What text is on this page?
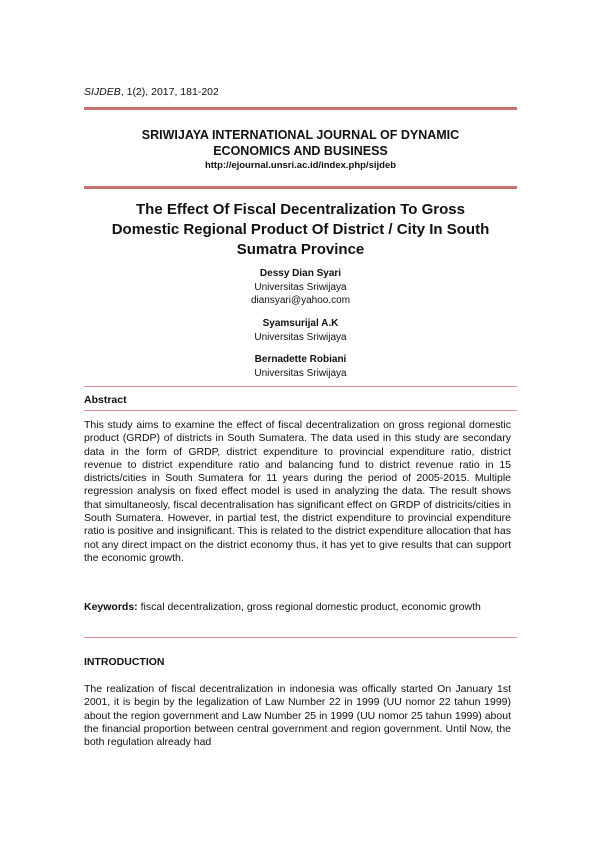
SIJDEB, 1(2), 2017, 181-202
SRIWIJAYA INTERNATIONAL JOURNAL OF DYNAMIC
ECONOMICS AND BUSINESS
http://ejournal.unsri.ac.id/index.php/sijdeb
The Effect Of Fiscal Decentralization To Gross
Domestic Regional Product Of District / City In South
Sumatra Province
Dessy Dian Syari
Universitas Sriwijaya
diansyari@yahoo.com
Syamsurijal A.K
Universitas Sriwijaya
Bernadette Robiani
Universitas Sriwijaya
Abstract
This study aims to examine the effect of fiscal decentralization on gross regional domestic product (GRDP) of districts in South Sumatera. The data used in this study are secondary data in the form of GRDP, district expenditure to provincial expenditure ratio, district revenue to district expenditure ratio and balancing fund to district revenue ratio in 15 districts/cities in South Sumatera for 11 years during the period of 2005-2015. Multiple regression analysis on fixed effect model is used in analyzing the data. The result shows that simultaneosly, fiscal decentralisation has significant effect on GRDP of districits/cities in South Sumatera. However, in partial test, the district expenditure to provincial expenditure ratio is positive and insignificant. This is related to the district expenditure allocation that has not any direct impact on the district economy thus, it has yet to give results that can support the economic growth.
Keywords: fiscal decentralization, gross regional domestic product, economic growth
INTRODUCTION
The realization of fiscal decentralization in indonesia was offically started On January 1st 2001, it is begin by the legalization of Law Number 22 in 1999 (UU nomor 22 tahun 1999) about the region government and Law Number 25 in 1999 (UU nomor 25 tahun 1999) about the financial proportion between central government and region government. Until Now, the both regulation already had
